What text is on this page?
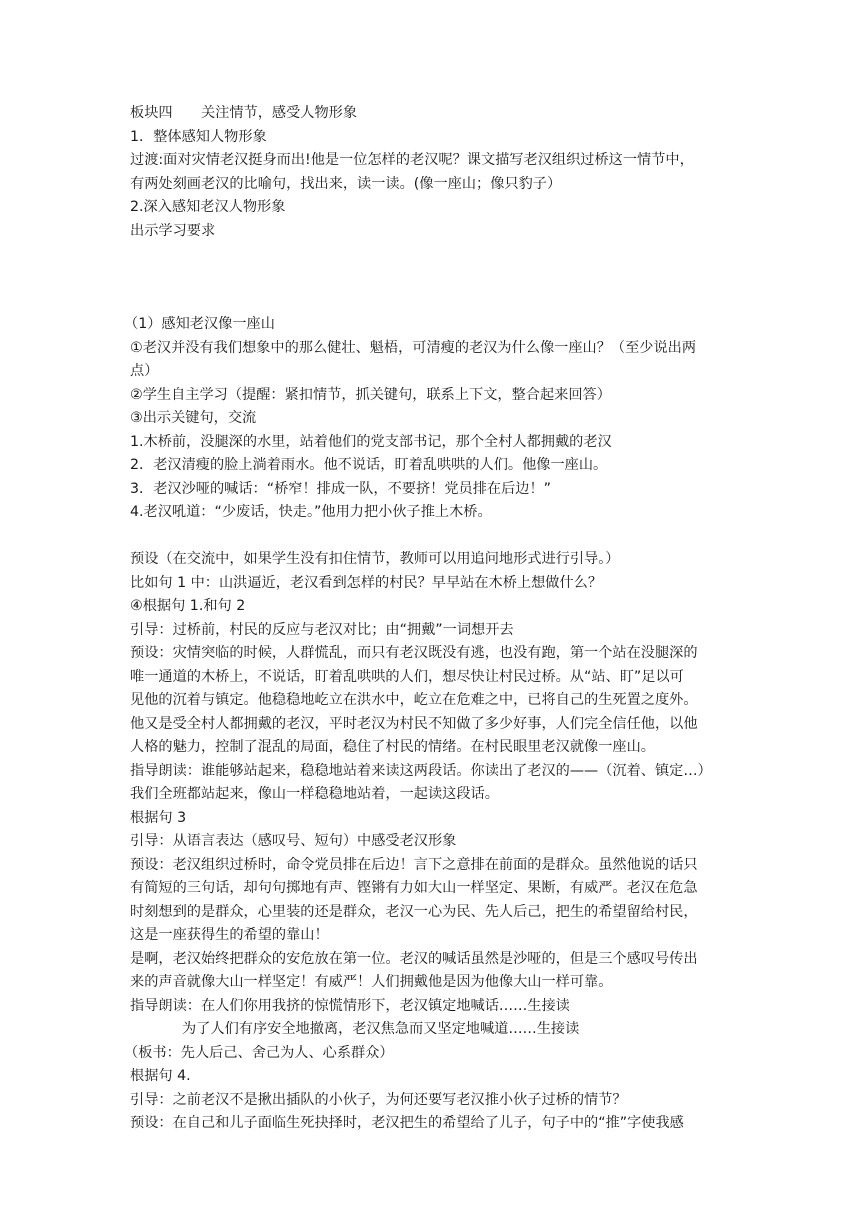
板块四　　关注情节，感受人物形象
1．整体感知人物形象
过渡:面对灾情老汉挺身而出!他是一位怎样的老汉呢？课文描写老汉组织过桥这一情节中，
有两处刻画老汉的比喻句，找出来，读一读。(像一座山；像只豹子）
2.深入感知老汉人物形象
出示学习要求
（1）感知老汉像一座山
①老汉并没有我们想象中的那么健壮、魁梧，可清瘦的老汉为什么像一座山？（至少说出两
点）
②学生自主学习（提醒：紧扣情节，抓关键句，联系上下文，整合起来回答）
③出示关键句，交流
1.木桥前，没腿深的水里，站着他们的党支部书记，那个全村人都拥戴的老汉
2．老汉清瘦的脸上淌着雨水。他不说话，盯着乱哄哄的人们。他像一座山。
3．老汉沙哑的喊话：“桥窄！排成一队，不要挤！党员排在后边！”
4.老汉吼道：“少废话，快走。”他用力把小伙子推上木桥。
预设（在交流中，如果学生没有扣住情节，教师可以用追问地形式进行引导。）
比如句 1 中：山洪逼近，老汉看到怎样的村民？早早站在木桥上想做什么？
④根据句 1.和句 2
引导：过桥前，村民的反应与老汉对比；由“拥戴”一词想开去
预设：灾情突临的时候，人群慌乱，而只有老汉既没有逃，也没有跑，第一个站在没腿深的
唯一通道的木桥上，不说话，盯着乱哄哄的人们，想尽快让村民过桥。从“站、盯”足以可
见他的沉着与镇定。他稳稳地屹立在洪水中，屹立在危难之中，已将自己的生死置之度外。
他又是受全村人都拥戴的老汉，平时老汉为村民不知做了多少好事，人们完全信任他，以他
人格的魅力，控制了混乱的局面，稳住了村民的情绪。在村民眼里老汉就像一座山。
指导朗读：谁能够站起来，稳稳地站着来读这两段话。你读出了老汉的——（沉着、镇定…）
我们全班都站起来，像山一样稳稳地站着，一起读这段话。
根据句 3
引导：从语言表达（感叹号、短句）中感受老汉形象
预设：老汉组织过桥时，命令党员排在后边！言下之意排在前面的是群众。虽然他说的话只
有简短的三句话，却句句掷地有声、铿锵有力如大山一样坚定、果断，有威严。老汉在危急
时刻想到的是群众，心里装的还是群众，老汉一心为民、先人后己，把生的希望留给村民，
这是一座获得生的希望的靠山！
是啊，老汉始终把群众的安危放在第一位。老汉的喊话虽然是沙哑的，但是三个感叹号传出
来的声音就像大山一样坚定！有威严！人们拥戴他是因为他像大山一样可靠。
指导朗读：在人们你用我挤的惊慌情形下，老汉镇定地喊话……生接读
为了人们有序安全地撤离，老汉焦急而又坚定地喊道……生接读
（板书：先人后己、舍己为人、心系群众）
根据句 4.
引导：之前老汉不是揪出插队的小伙子，为何还要写老汉推小伙子过桥的情节？
预设：在自己和儿子面临生死抉择时，老汉把生的希望给了儿子，句子中的“推”字使我感
